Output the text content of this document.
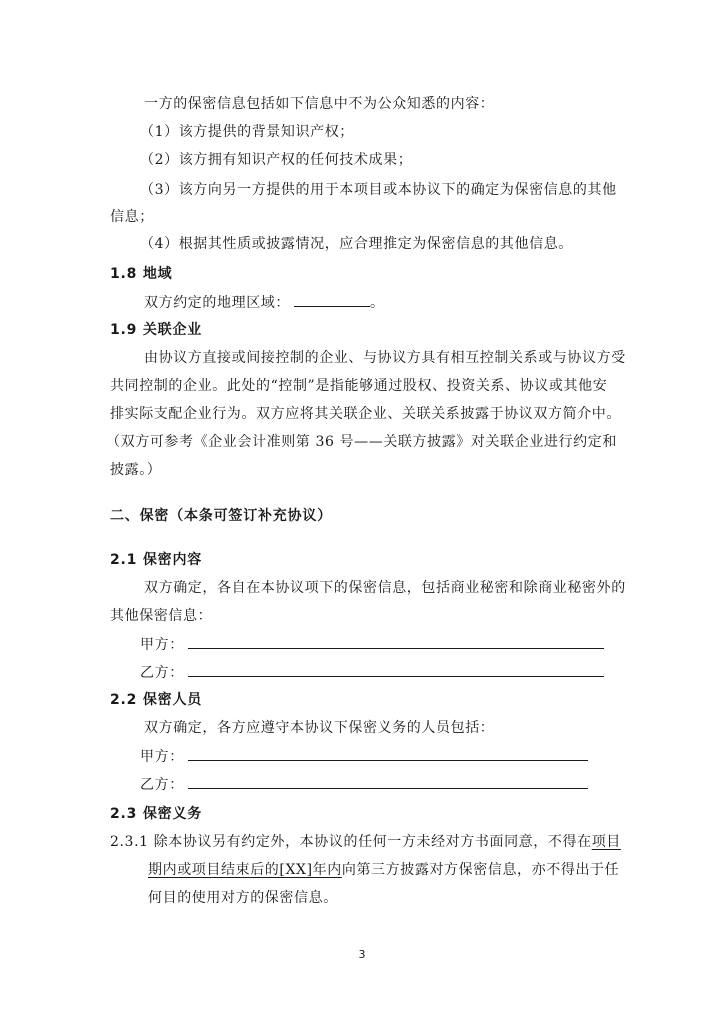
一方的保密信息包括如下信息中不为公众知悉的内容：
（1）该方提供的背景知识产权；
（2）该方拥有知识产权的任何技术成果；
（3）该方向另一方提供的用于本项目或本协议下的确定为保密信息的其他
信息；
（4）根据其性质或披露情况，应合理推定为保密信息的其他信息。
1.8 地域
双方约定的地理区域：	。
1.9 关联企业
由协议方直接或间接控制的企业、与协议方具有相互控制关系或与协议方受
共同控制的企业。此处的“控制”是指能够通过股权、投资关系、协议或其他安
排实际支配企业行为。双方应将其关联企业、关联关系披露于协议双方简介中。
（双方可参考《企业会计准则第 36 号——关联方披露》对关联企业进行约定和
披露。）
二、保密（本条可签订补充协议）
2.1 保密内容
双方确定，各自在本协议项下的保密信息，包括商业秘密和除商业秘密外的
其他保密信息：
甲方：
乙方：
2.2 保密人员
双方确定，各方应遵守本协议下保密义务的人员包括：
甲方：
乙方：
2.3 保密义务
2.3.1 除本协议另有约定外，本协议的任何一方未经对方书面同意，不得在项目
期内或项目结束后的[XX]年内向第三方披露对方保密信息，亦不得出于任
何目的使用对方的保密信息。
3
